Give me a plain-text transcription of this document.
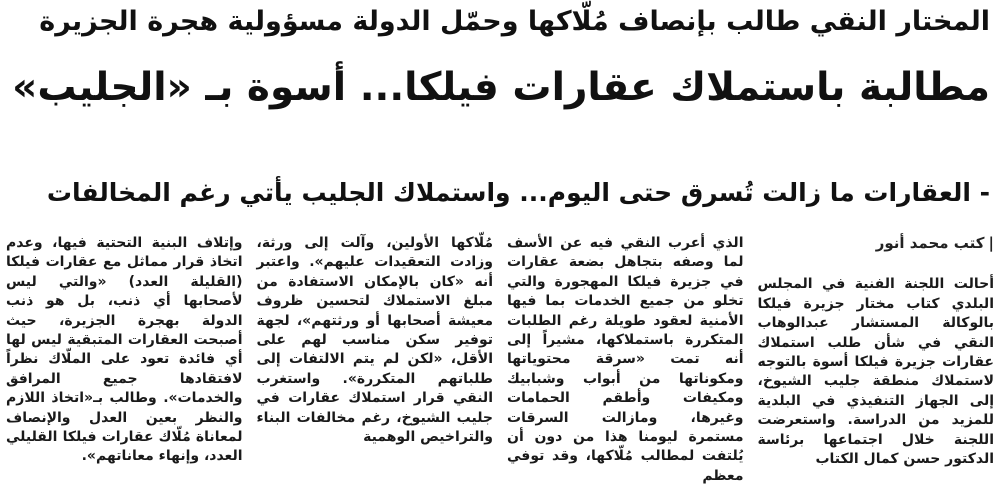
المختار النقي طالب بإنصاف مُلّاكها وحمّل الدولة مسؤولية هجرة الجزيرة
مطالبة باستملاك عقارات فيلكا... أسوة بـ «الجليب»
- العقارات ما زالت تُسرق حتى اليوم... واستملاك الجليب يأتي رغم المخالفات
|كتب محمد أنور

أحالت اللجنة الفنية في المجلس البلدي كتاب مختار جزيرة فيلكا بالوكالة المستشار عبدالوهاب النقي في شأن طلب استملاك عقارات جزيرة فيلكا أسوة بالتوجه لاستملاك منطقة جليب الشيوخ، إلى الجهاز التنفيذي في البلدية للمزيد من الدراسة. واستعرضت اللجنة خلال اجتماعها برئاسة الدكتور حسن كمال الكتاب

الذي أعرب النقي فيه عن الأسف لما وصفه بتجاهل بضعة عقارات في جزيرة فيلكا المهجورة والتي تخلو من جميع الخدمات بما فيها الأمنية لعقود طويلة رغم الطلبات المتكررة باستملاكها، مشيراً إلى أنه تمت «سرقة محتوياتها ومكوناتها من أبواب وشبابيك ومكيفات وأطقم الحمامات وغيرها، ومازالت السرقات مستمرة ليومنا هذا من دون أن يُلتفت لمطالب مُلّاكها، وقد توفي معظم

مُلّاكها الأولين، وآلت إلى ورثة، وزادت التعقيدات عليهم». واعتبر أنه «كان بالإمكان الاستفادة من مبلغ الاستملاك لتحسين ظروف معيشة أصحابها أو ورثتهم»، لجهة توفير سكن مناسب لهم على الأقل، «لكن لم يتم الالتفات إلى طلباتهم المتكررة». واستغرب النقي قرار استملاك عقارات في جليب الشيوخ، رغم مخالفات البناء والتراخيص الوهمية

وإتلاف البنية التحتية فيها، وعدم اتخاذ قرار مماثل مع عقارات فيلكا (القليلة العدد) «والتي ليس لأصحابها أي ذنب، بل هو ذنب الدولة بهجرة الجزيرة، حيث أصبحت العقارات المتبقية ليس لها أي فائدة تعود على الملّاك نظراً لافتقادها جميع المرافق والخدمات». وطالب بـ«اتخاذ اللازم والنظر بعين العدل والإنصاف لمعاناة مُلّاك عقارات فيلكا القليلي العدد، وإنهاء معاناتهم».
